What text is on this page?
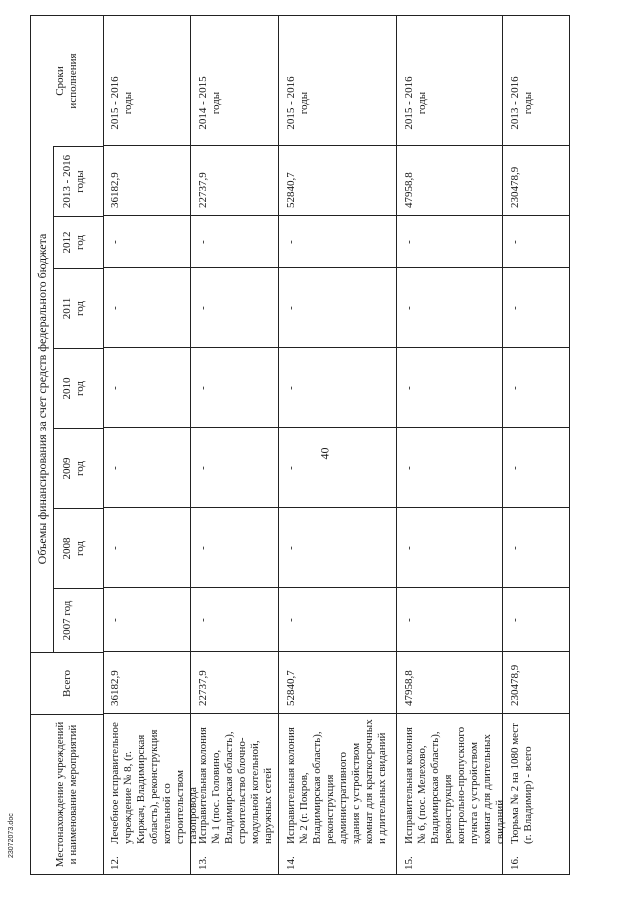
40
Местонахождение учреждений и наименование мероприятий
Всего
Объемы финансирования за счет средств федерального бюджета
2007 год
2008 год
2009 год
2010 год
2011 год
2012 год
2013 - 2016 годы
Сроки исполнения
12.
Лечебное исправительное учреждение № 8, (г. Киржач, Владимирская область), реконструкция котельной со строительством газопровода
36182,9
-
-
-
-
-
-
36182,9
2015 - 2016 годы
13.
Исправительная колония № 1 (пос. Головино, Владимирская область), строительство блочно-модульной котельной, наружных сетей
22737,9
-
-
-
-
-
-
22737,9
2014 - 2015 годы
14.
Исправительная колония № 2 (г. Покров, Владимирская область), реконструкция административного здания с устройством комнат для краткосрочных и длительных свиданий
52840,7
-
-
-
-
-
-
52840,7
2015 - 2016 годы
15.
Исправительная колония № 6, (пос. Мелехово, Владимирская область), реконструкция контрольно-пропускного пункта с устройством комнат для длительных свиданий
47958,8
-
-
-
-
-
-
47958,8
2015 - 2016 годы
16.
Тюрьма № 2 на 1080 мест (г. Владимир) - всего
230478,9
-
-
-
-
-
-
230478,9
2013 - 2016 годы
2307207З.doc
